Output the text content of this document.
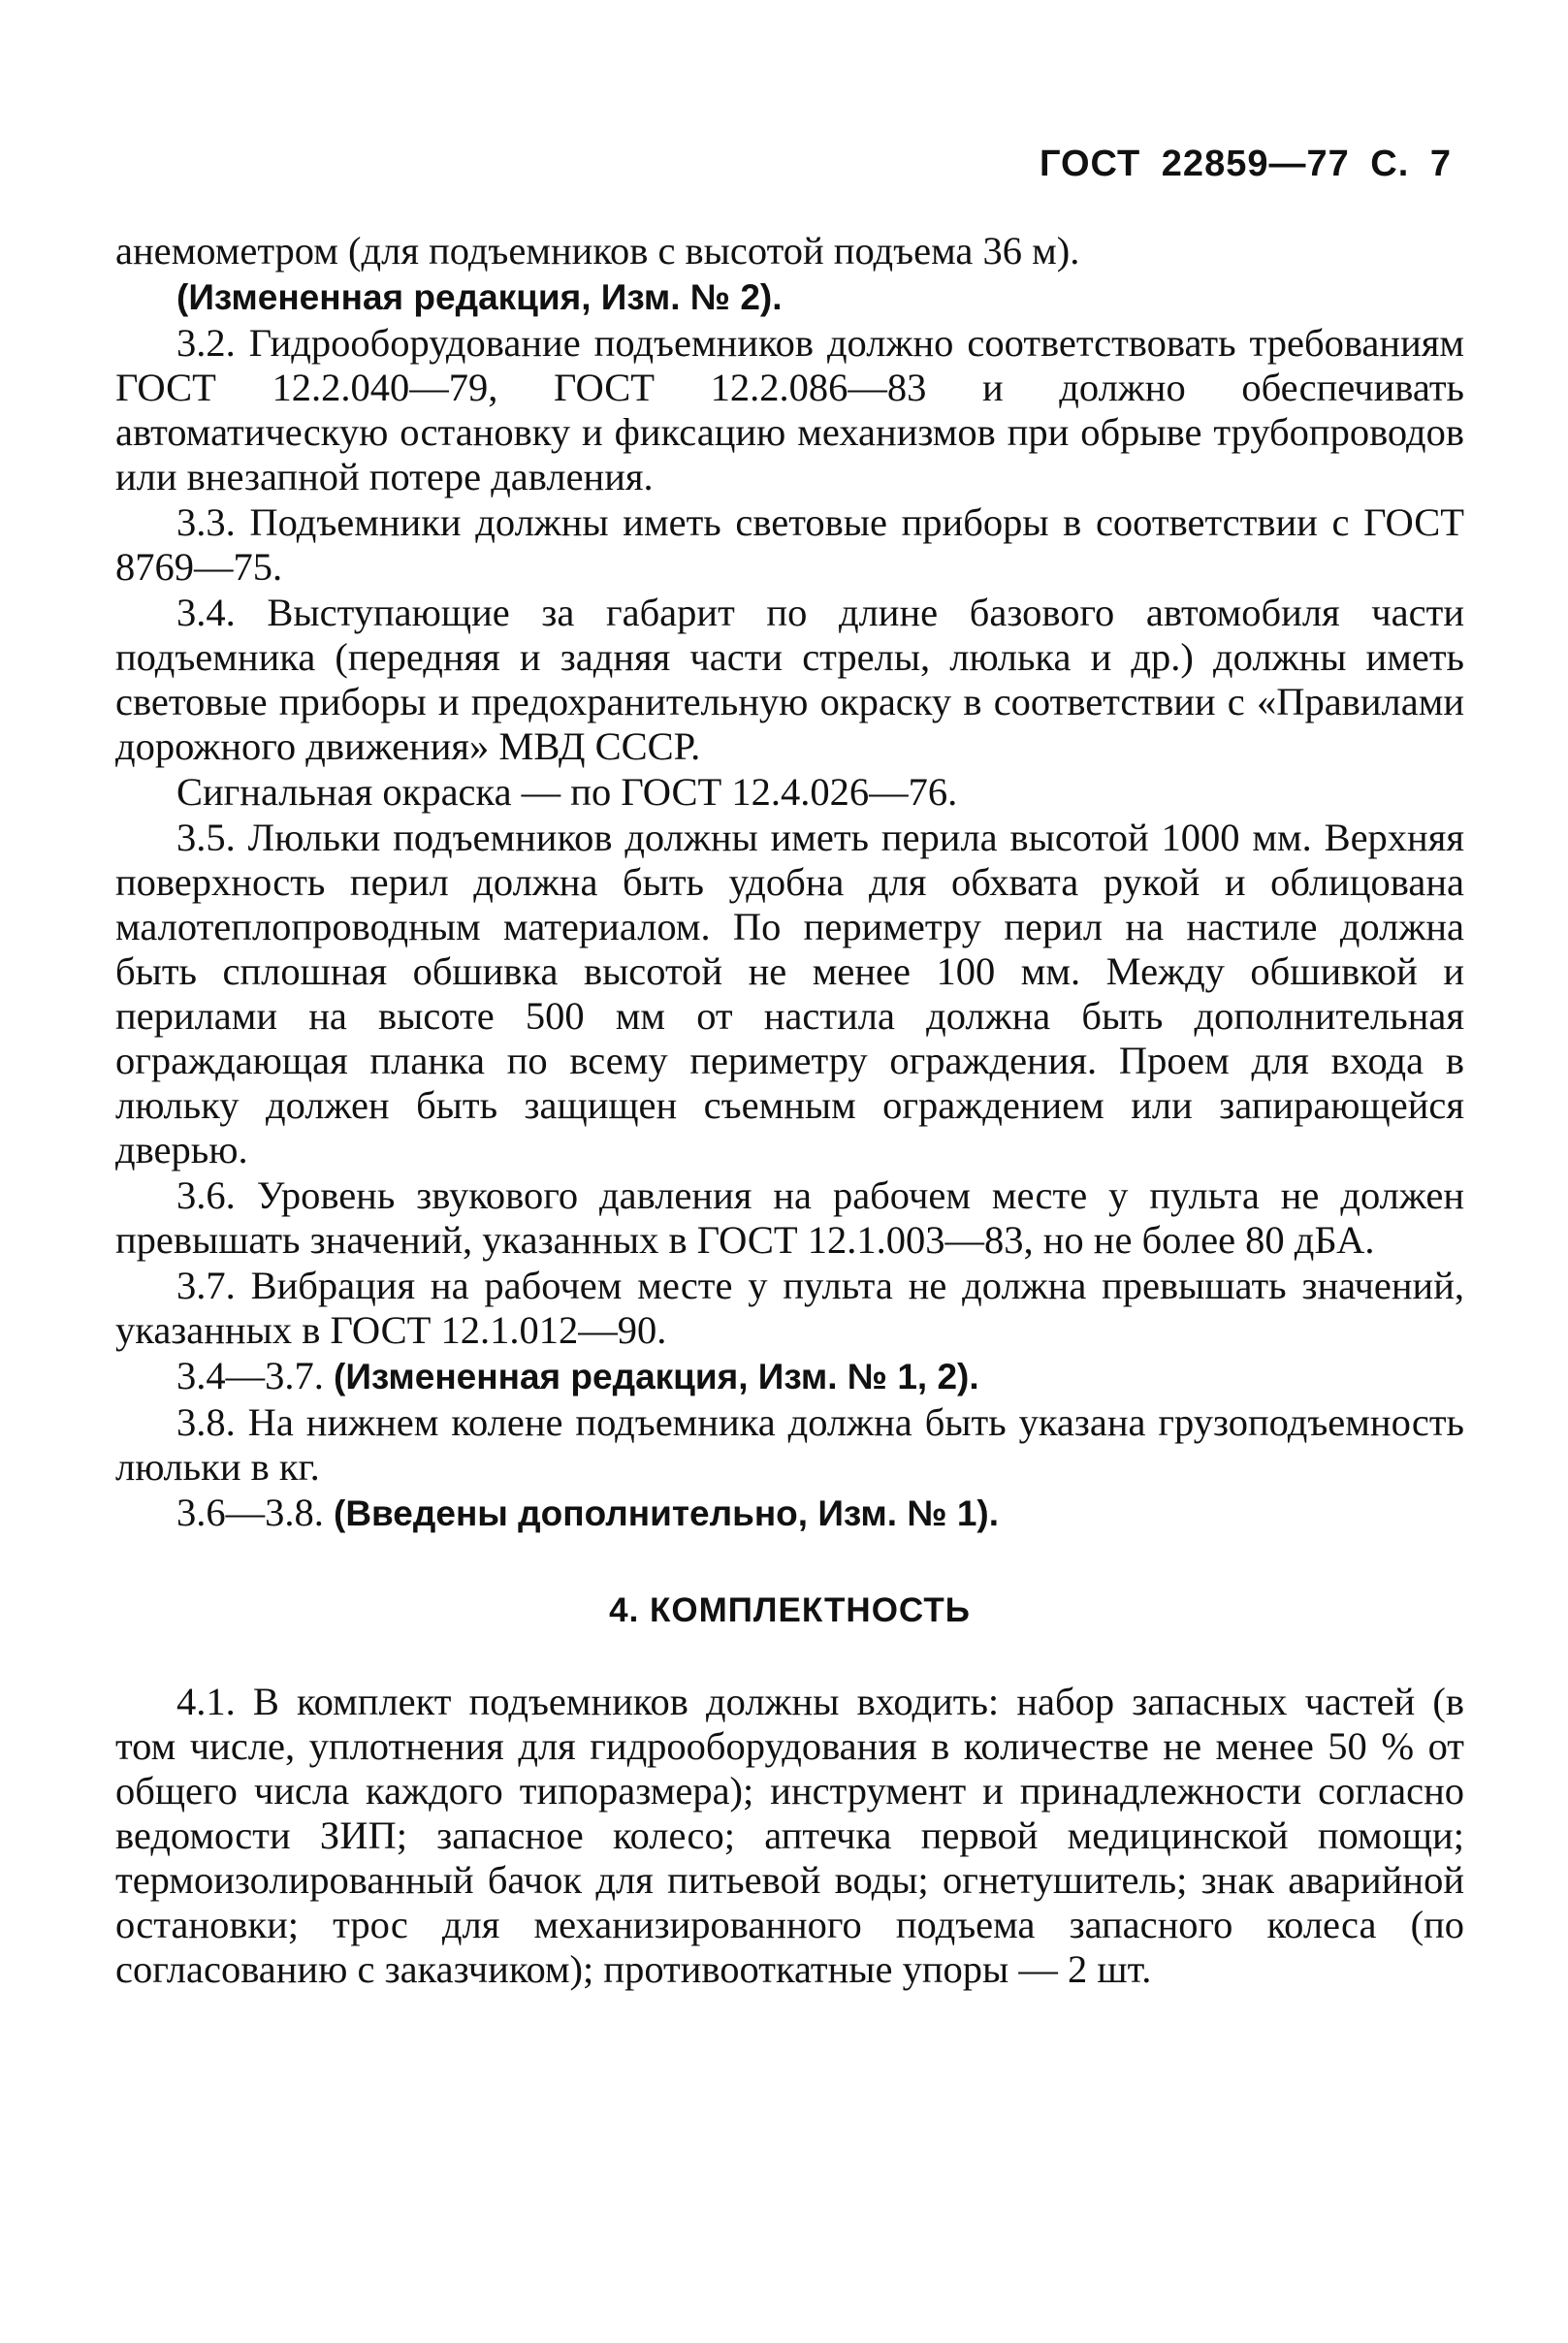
ГОСТ 22859—77 С. 7

анемометром (для подъемников с высотой подъема 36 м).

(Измененная редакция, Изм. № 2).

3.2. Гидрооборудование подъемников должно соответствовать требованиям ГОСТ 12.2.040—79, ГОСТ 12.2.086—83 и должно обеспечивать автоматическую остановку и фиксацию механизмов при обрыве трубопроводов или внезапной потере давления.

3.3. Подъемники должны иметь световые приборы в соответствии с ГОСТ 8769—75.

3.4. Выступающие за габарит по длине базового автомобиля части подъемника (передняя и задняя части стрелы, люлька и др.) должны иметь световые приборы и предохранительную окраску в соответствии с «Правилами дорожного движения» МВД СССР.

Сигнальная окраска — по ГОСТ 12.4.026—76.

3.5. Люльки подъемников должны иметь перила высотой 1000 мм. Верхняя поверхность перил должна быть удобна для обхвата рукой и облицована малотеплопроводным материалом. По периметру перил на настиле должна быть сплошная обшивка высотой не менее 100 мм. Между обшивкой и перилами на высоте 500 мм от настила должна быть дополнительная ограждающая планка по всему периметру ограждения. Проем для входа в люльку должен быть защищен съемным ограждением или запирающейся дверью.

3.6. Уровень звукового давления на рабочем месте у пульта не должен превышать значений, указанных в ГОСТ 12.1.003—83, но не более 80 дБА.

3.7. Вибрация на рабочем месте у пульта не должна превышать значений, указанных в ГОСТ 12.1.012—90.

3.4—3.7. (Измененная редакция, Изм. № 1, 2).

3.8. На нижнем колене подъемника должна быть указана грузоподъемность люльки в кг.

3.6—3.8. (Введены дополнительно, Изм. № 1).

4. КОМПЛЕКТНОСТЬ

4.1. В комплект подъемников должны входить: набор запасных частей (в том числе, уплотнения для гидрооборудования в количестве не менее 50 % от общего числа каждого типоразмера); инструмент и принадлежности согласно ведомости ЗИП; запасное колесо; аптечка первой медицинской помощи; термоизолированный бачок для питьевой воды; огнетушитель; знак аварийной остановки; трос для механизированного подъема запасного колеса (по согласованию с заказчиком); противооткатные упоры — 2 шт.
